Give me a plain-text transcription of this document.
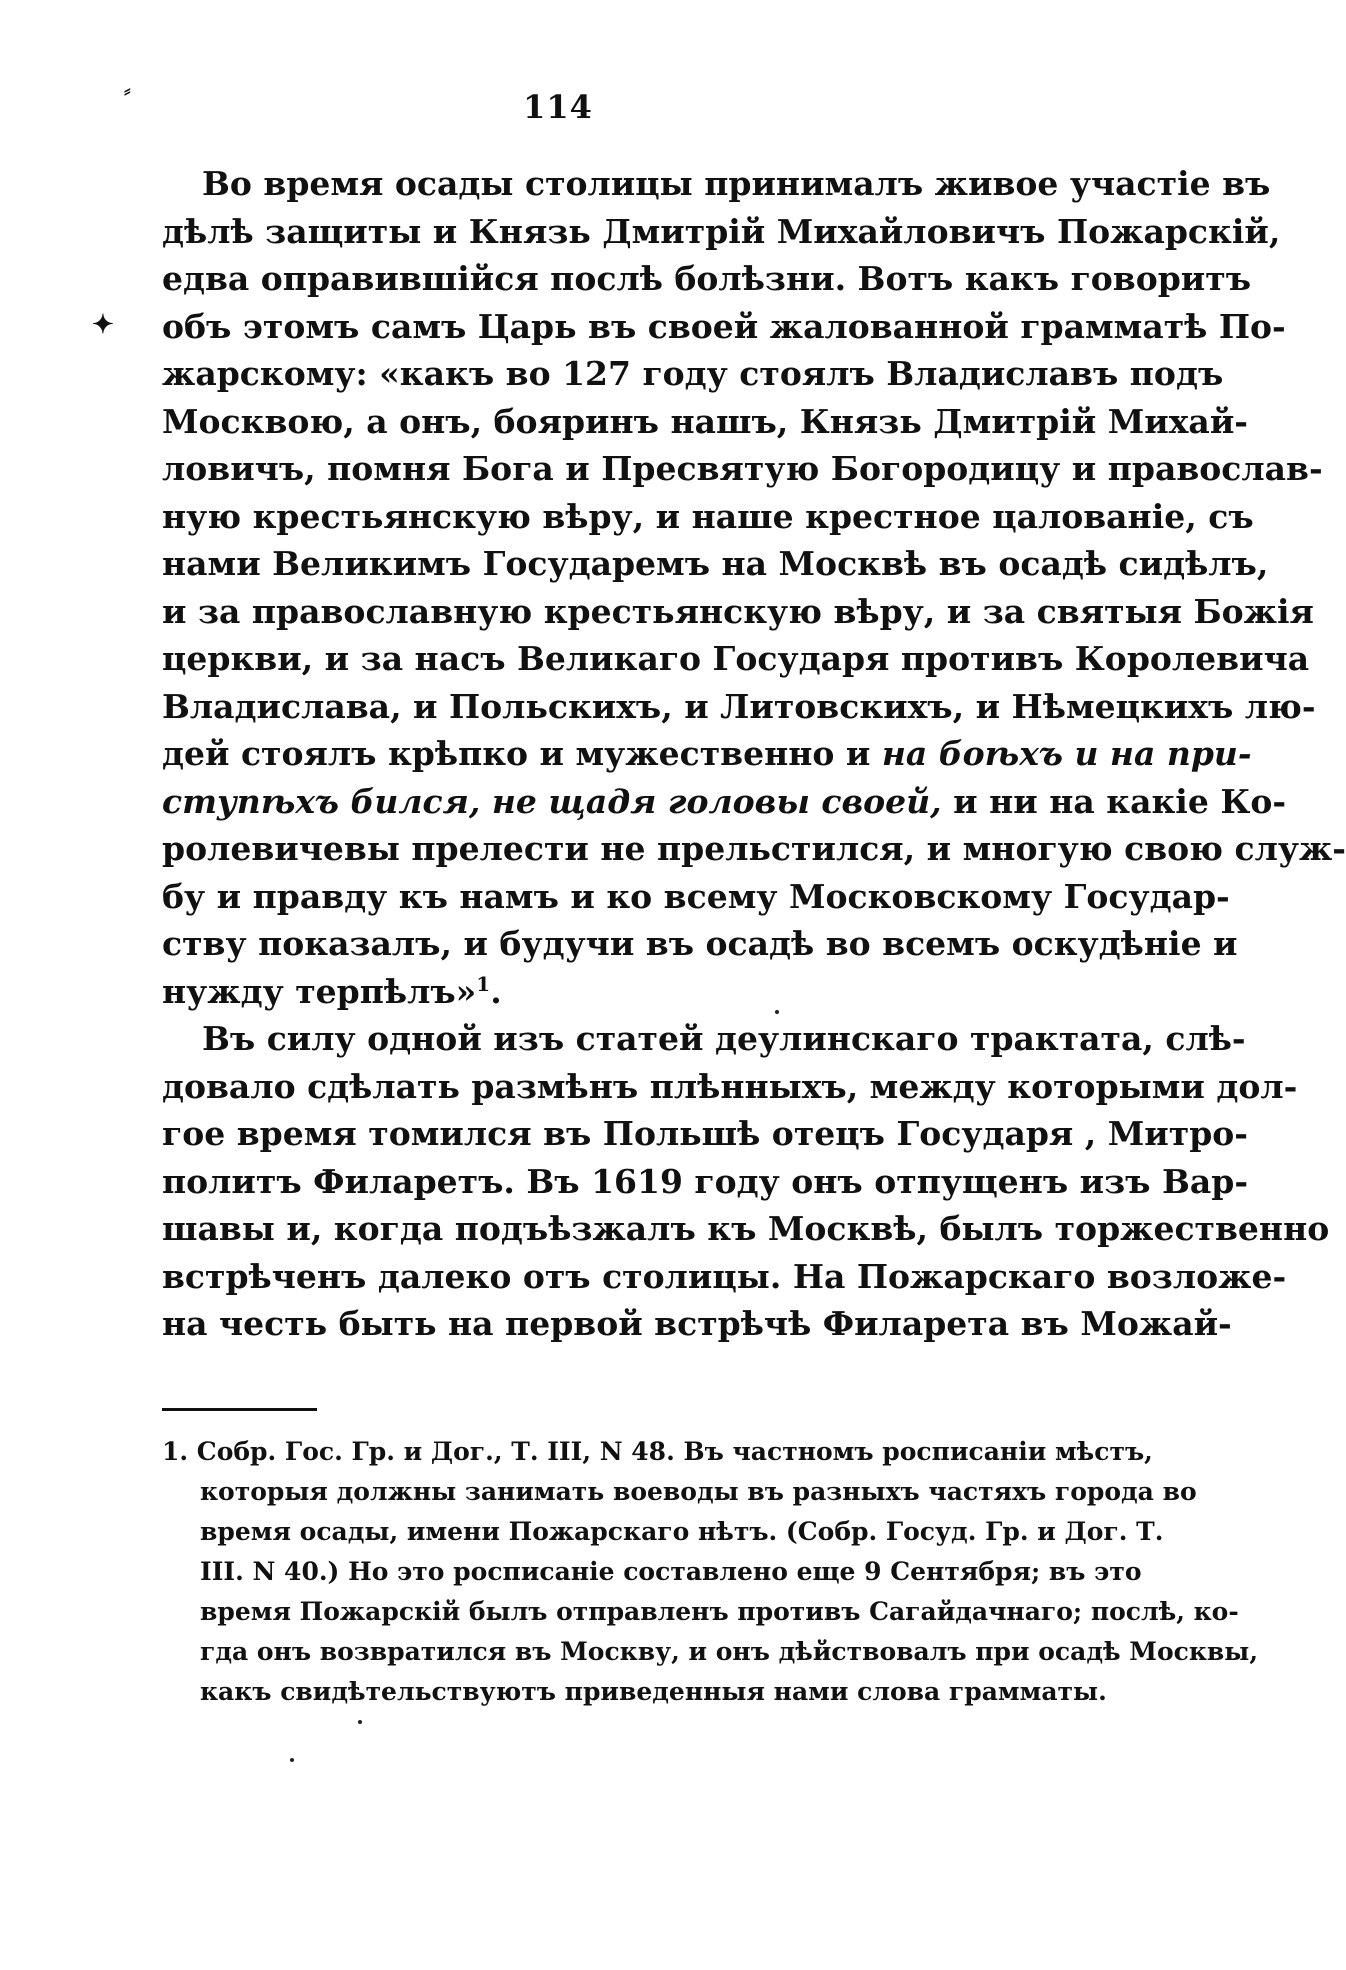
⸗
✦
114
Во время осады столицы принималъ живое участіе въ
дѣлѣ защиты и Князь Дмитрій Михайловичъ Пожарскій,
едва оправившійся послѣ болѣзни. Вотъ какъ говоритъ
объ этомъ самъ Царь въ своей жалованной грамматѣ По-
жарскому: «какъ во 127 году стоялъ Владиславъ подъ
Москвою, а онъ, бояринъ нашъ, Князь Дмитрій Михай-
ловичъ, помня Бога и Пресвятую Богородицу и православ-
ную крестьянскую вѣру, и наше крестное цалованіе, съ
нами Великимъ Государемъ на Москвѣ въ осадѣ сидѣлъ,
и за православную крестьянскую вѣру, и за святыя Божія
церкви, и за насъ Великаго Государя противъ Королевича
Владислава, и Польскихъ, и Литовскихъ, и Нѣмецкихъ лю-
дей стоялъ крѣпко и мужественно и на боѣхъ и на при-
ступѣхъ бился, не щадя головы своей, и ни на какіе Ко-
ролевичевы прелести не прельстился, и многую свою служ-
бу и правду къ намъ и ко всему Московскому Государ-
ству показалъ, и будучи въ осадѣ во всемъ оскудѣніе и
нужду терпѣлъ»$^1$.
Въ силу одной изъ статей деулинскаго трактата, слѣ-
довало сдѣлать размѣнъ плѣнныхъ, между которыми дол-
гое время томился въ Польшѣ отецъ Государя , Митро-
политъ Филаретъ. Въ 1619 году онъ отпущенъ изъ Вар-
шавы и, когда подъѣзжалъ къ Москвѣ, былъ торжественно
встрѣченъ далеко отъ столицы. На Пожарскаго возложе-
на честь быть на первой встрѣчѣ Филарета въ Можай-
1. Собр. Гос. Гр. и Дог., Т. III, N 48. Въ частномъ росписаніи мѣстъ,
которыя должны занимать воеводы въ разныхъ частяхъ города во
время осады, имени Пожарскаго нѣтъ. (Собр. Госуд. Гр. и Дог. Т.
III. N 40.) Но это росписаніе составлено еще 9 Сентября; въ это
время Пожарскій былъ отправленъ противъ Сагайдачнаго; послѣ, ко-
гда онъ возвратился въ Москву, и онъ дѣйствовалъ при осадѣ Москвы,
какъ свидѣтельствуютъ приведенныя нами слова грамматы.
